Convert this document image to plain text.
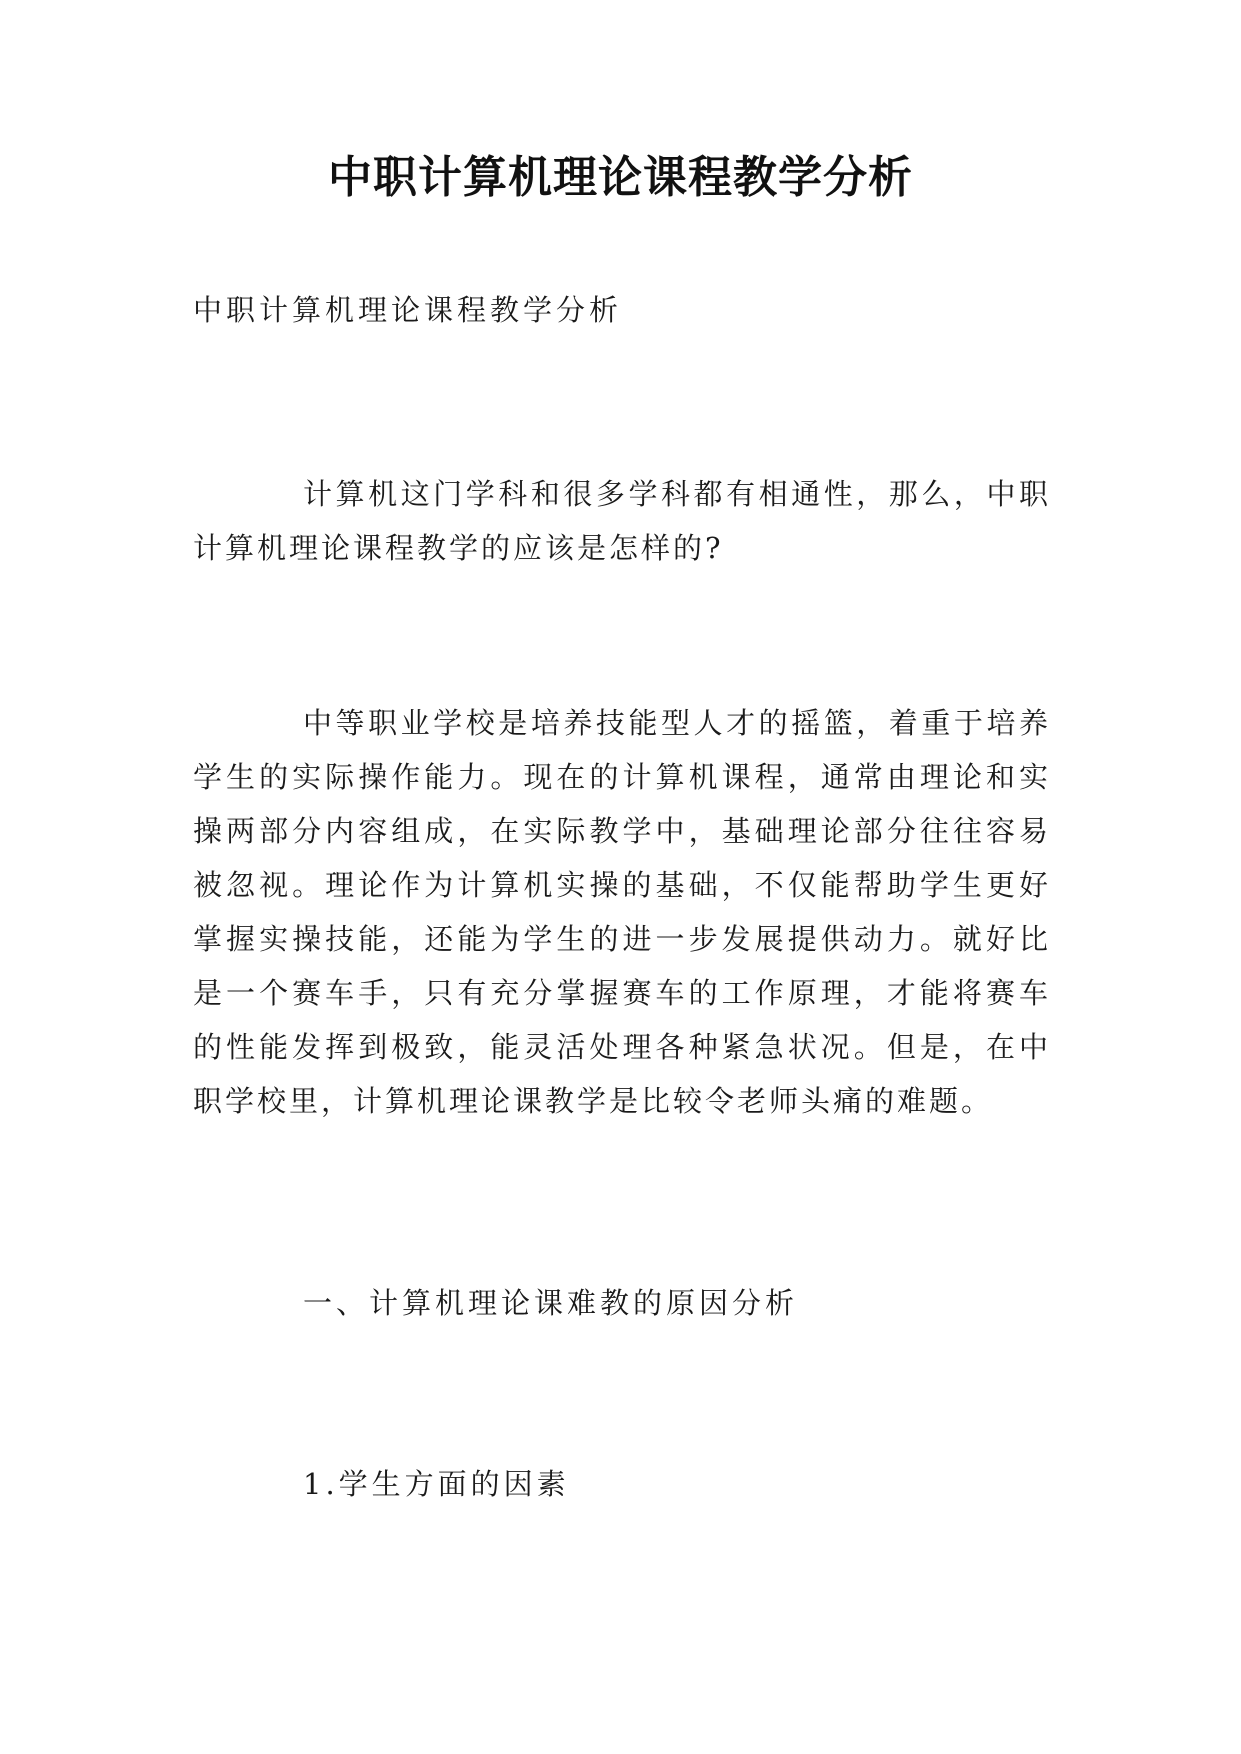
中职计算机理论课程教学分析
中职计算机理论课程教学分析

计算机这门学科和很多学科都有相通性，那么，中职计算机理论课程教学的应该是怎样的?

中等职业学校是培养技能型人才的摇篮，着重于培养学生的实际操作能力。现在的计算机课程，通常由理论和实操两部分内容组成，在实际教学中，基础理论部分往往容易被忽视。理论作为计算机实操的基础，不仅能帮助学生更好掌握实操技能，还能为学生的进一步发展提供动力。就好比是一个赛车手，只有充分掌握赛车的工作原理，才能将赛车的性能发挥到极致，能灵活处理各种紧急状况。但是，在中职学校里，计算机理论课教学是比较令老师头痛的难题。

一、计算机理论课难教的原因分析
1.学生方面的因素
